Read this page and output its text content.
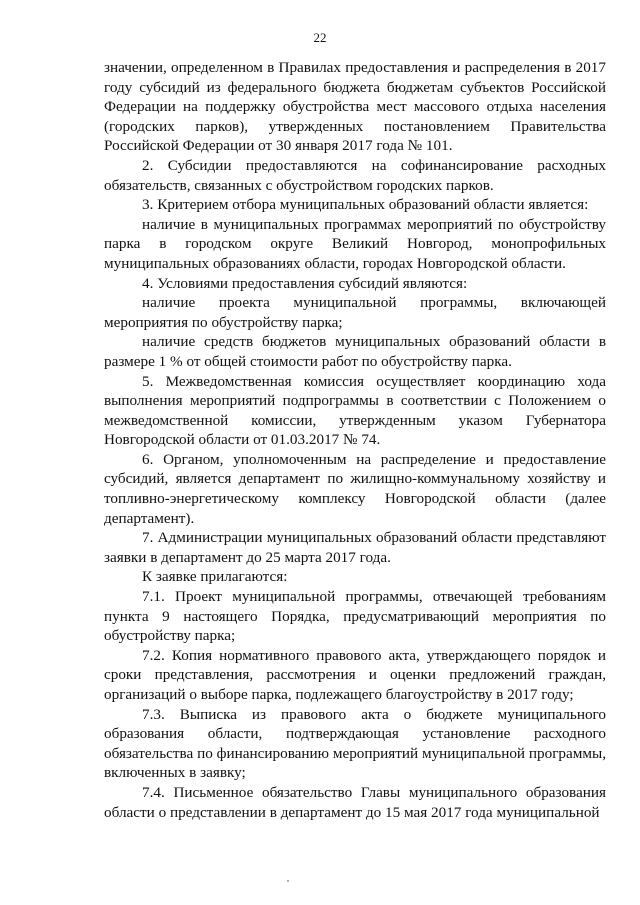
22

значении, определенном в Правилах предоставления и распределения в 2017 году субсидий из федерального бюджета бюджетам субъектов Российской Федерации на поддержку обустройства мест массового отдыха населения (городских парков), утвержденных постановлением Правительства Российской Федерации от 30 января 2017 года № 101.

2. Субсидии предоставляются на софинансирование расходных обязательств, связанных с обустройством городских парков.

3. Критерием отбора муниципальных образований области является:

наличие в муниципальных программах мероприятий по обустройству парка в городском округе Великий Новгород, монопрофильных муниципальных образованиях области, городах Новгородской области.

4. Условиями предоставления субсидий являются:

наличие проекта муниципальной программы, включающей мероприятия по обустройству парка;

наличие средств бюджетов муниципальных образований области в размере 1 % от общей стоимости работ по обустройству парка.

5. Межведомственная комиссия осуществляет координацию хода выполнения мероприятий подпрограммы в соответствии с Положением о межведомственной комиссии, утвержденным указом Губернатора Новгородской области от 01.03.2017 № 74.

6. Органом, уполномоченным на распределение и предоставление субсидий, является департамент по жилищно-коммунальному хозяйству и топливно-энергетическому комплексу Новгородской области (далее департамент).

7. Администрации муниципальных образований области представляют заявки в департамент до 25 марта 2017 года.

К заявке прилагаются:

7.1. Проект муниципальной программы, отвечающей требованиям пункта 9 настоящего Порядка, предусматривающий мероприятия по обустройству парка;

7.2. Копия нормативного правового акта, утверждающего порядок и сроки представления, рассмотрения и оценки предложений граждан, организаций о выборе парка, подлежащего благоустройству в 2017 году;

7.3. Выписка из правового акта о бюджете муниципального образования области, подтверждающая установление расходного обязательства по финансированию мероприятий муниципальной программы, включенных в заявку;

7.4. Письменное обязательство Главы муниципального образования области о представлении в департамент до 15 мая 2017 года муниципальной
